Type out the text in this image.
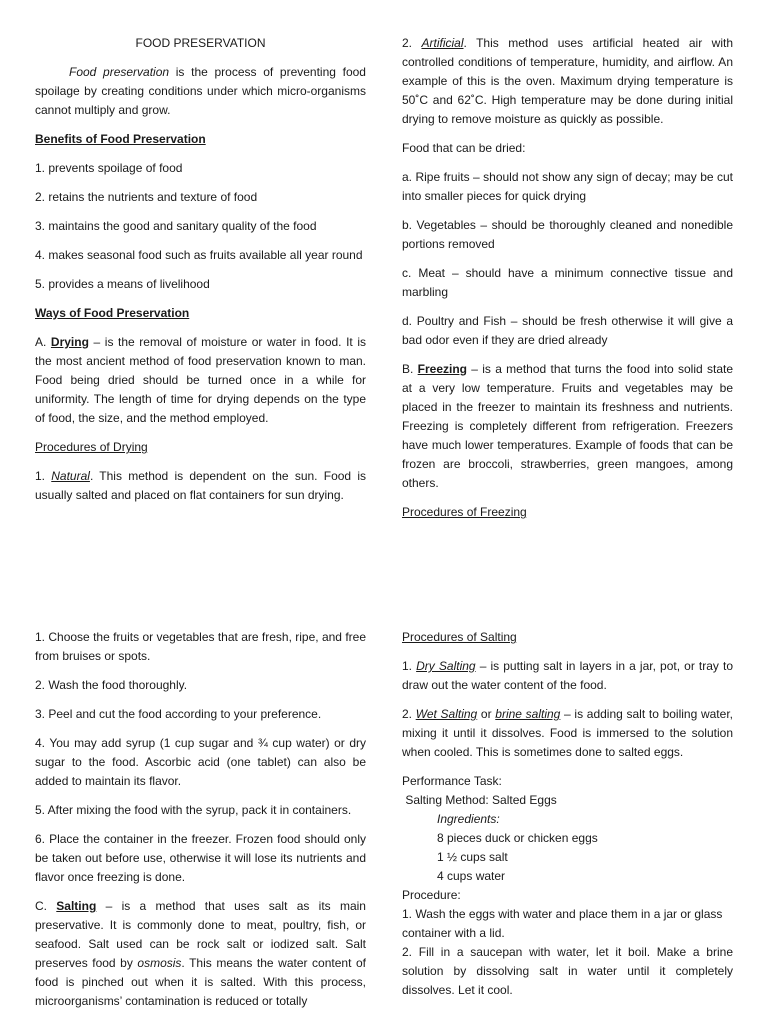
FOOD PRESERVATION

Food preservation is the process of preventing food spoilage by creating conditions under which micro-organisms cannot multiply and grow.

Benefits of Food Preservation

1. prevents spoilage of food

2. retains the nutrients and texture of food

3. maintains the good and sanitary quality of the food

4. makes seasonal food such as fruits available all year round

5. provides a means of livelihood

Ways of Food Preservation

A. Drying – is the removal of moisture or water in food. It is the most ancient method of food preservation known to man. Food being dried should be turned once in a while for uniformity. The length of time for drying depends on the type of food, the size, and the method employed.

Procedures of Drying

1. Natural. This method is dependent on the sun. Food is usually salted and placed on flat containers for sun drying.

2. Artificial. This method uses artificial heated air with controlled conditions of temperature, humidity, and airflow. An example of this is the oven. Maximum drying temperature is 50˚C and 62˚C. High temperature may be done during initial drying to remove moisture as quickly as possible.

Food that can be dried:

a. Ripe fruits – should not show any sign of decay; may be cut into smaller pieces for quick drying

b. Vegetables – should be thoroughly cleaned and nonedible portions removed

c. Meat – should have a minimum connective tissue and marbling

d. Poultry and Fish – should be fresh otherwise it will give a bad odor even if they are dried already

B. Freezing – is a method that turns the food into solid state at a very low temperature. Fruits and vegetables may be placed in the freezer to maintain its freshness and nutrients. Freezing is completely different from refrigeration. Freezers have much lower temperatures. Example of foods that can be frozen are broccoli, strawberries, green mangoes, among others.

Procedures of Freezing

1. Choose the fruits or vegetables that are fresh, ripe, and free from bruises or spots.

2. Wash the food thoroughly.

3. Peel and cut the food according to your preference.

4. You may add syrup (1 cup sugar and ¾ cup water) or dry sugar to the food. Ascorbic acid (one tablet) can also be added to maintain its flavor.

5. After mixing the food with the syrup, pack it in containers.

6. Place the container in the freezer. Frozen food should only be taken out before use, otherwise it will lose its nutrients and flavor once freezing is done.

C. Salting – is a method that uses salt as its main preservative. It is commonly done to meat, poultry, fish, or seafood. Salt used can be rock salt or iodized salt. Salt preserves food by osmosis. This means the water content of food is pinched out when it is salted. With this process, microorganisms’ contamination is reduced or totally

Procedures of Salting

1. Dry Salting – is putting salt in layers in a jar, pot, or tray to draw out the water content of the food.

2. Wet Salting or brine salting – is adding salt to boiling water, mixing it until it dissolves. Food is immersed to the solution when cooled. This is sometimes done to salted eggs.

Performance Task:

Salting Method: Salted Eggs

Ingredients:

8 pieces duck or chicken eggs

1 ½ cups salt

4 cups water

Procedure:

1. Wash the eggs with water and place them in a jar or glass container with a lid.

2. Fill in a saucepan with water, let it boil. Make a brine solution by dissolving salt in water until it completely dissolves. Let it cool.
